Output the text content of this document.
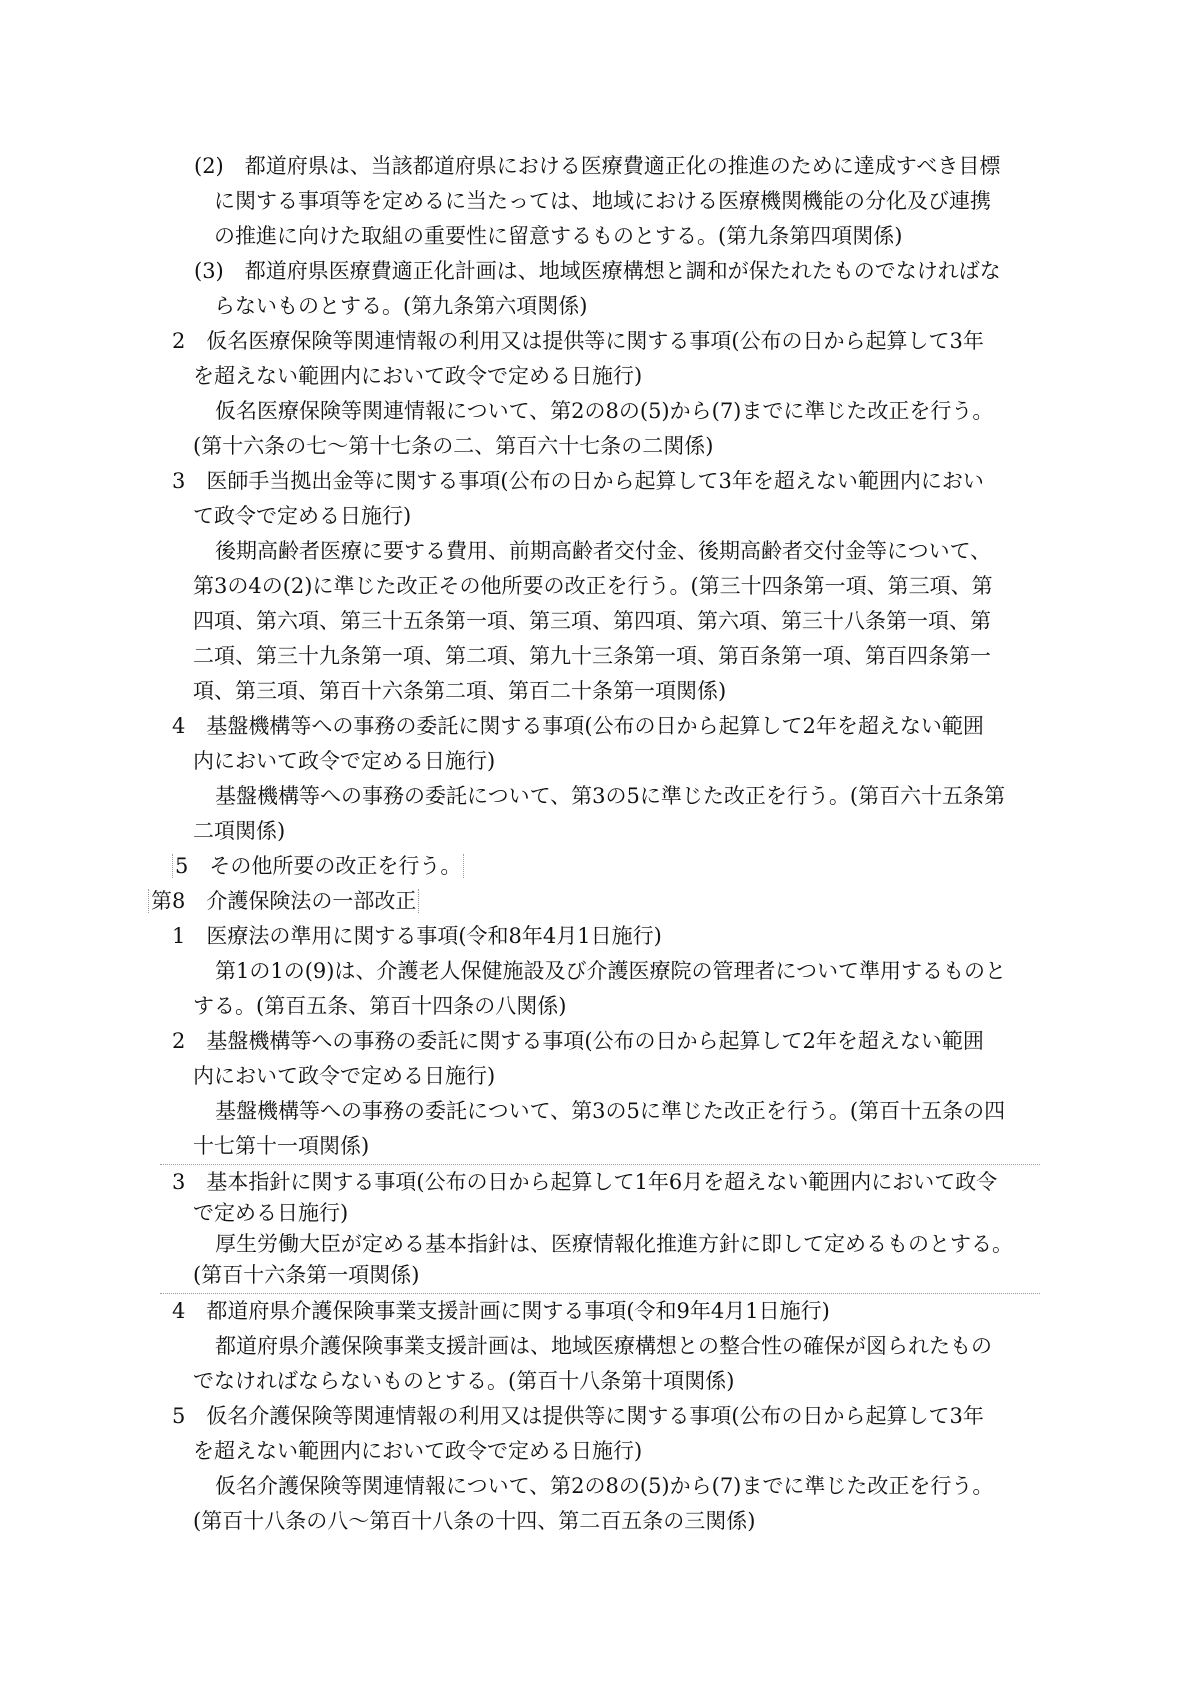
(2)　都道府県は、当該都道府県における医療費適正化の推進のために達成すべき目標
に関する事項等を定めるに当たっては、地域における医療機関機能の分化及び連携
の推進に向けた取組の重要性に留意するものとする。(第九条第四項関係)
(3)　都道府県医療費適正化計画は、地域医療構想と調和が保たれたものでなければな
らないものとする。(第九条第六項関係)
2　仮名医療保険等関連情報の利用又は提供等に関する事項(公布の日から起算して3年
を超えない範囲内において政令で定める日施行)
仮名医療保険等関連情報について、第2の8の(5)から(7)までに準じた改正を行う。
(第十六条の七～第十七条の二、第百六十七条の二関係)
3　医師手当拠出金等に関する事項(公布の日から起算して3年を超えない範囲内におい
て政令で定める日施行)
後期高齢者医療に要する費用、前期高齢者交付金、後期高齢者交付金等について、
第3の4の(2)に準じた改正その他所要の改正を行う。(第三十四条第一項、第三項、第
四項、第六項、第三十五条第一項、第三項、第四項、第六項、第三十八条第一項、第
二項、第三十九条第一項、第二項、第九十三条第一項、第百条第一項、第百四条第一
項、第三項、第百十六条第二項、第百二十条第一項関係)
4　基盤機構等への事務の委託に関する事項(公布の日から起算して2年を超えない範囲
内において政令で定める日施行)
基盤機構等への事務の委託について、第3の5に準じた改正を行う。(第百六十五条第
二項関係)
5　その他所要の改正を行う。
第8　介護保険法の一部改正
1　医療法の準用に関する事項(令和8年4月1日施行)
第1の1の(9)は、介護老人保健施設及び介護医療院の管理者について準用するものと
する。(第百五条、第百十四条の八関係)
2　基盤機構等への事務の委託に関する事項(公布の日から起算して2年を超えない範囲
内において政令で定める日施行)
基盤機構等への事務の委託について、第3の5に準じた改正を行う。(第百十五条の四
十七第十一項関係)
3　基本指針に関する事項(公布の日から起算して1年6月を超えない範囲内において政令
で定める日施行)
厚生労働大臣が定める基本指針は、医療情報化推進方針に即して定めるものとする。
(第百十六条第一項関係)
4　都道府県介護保険事業支援計画に関する事項(令和9年4月1日施行)
都道府県介護保険事業支援計画は、地域医療構想との整合性の確保が図られたもの
でなければならないものとする。(第百十八条第十項関係)
5　仮名介護保険等関連情報の利用又は提供等に関する事項(公布の日から起算して3年
を超えない範囲内において政令で定める日施行)
仮名介護保険等関連情報について、第2の8の(5)から(7)までに準じた改正を行う。
(第百十八条の八～第百十八条の十四、第二百五条の三関係)
